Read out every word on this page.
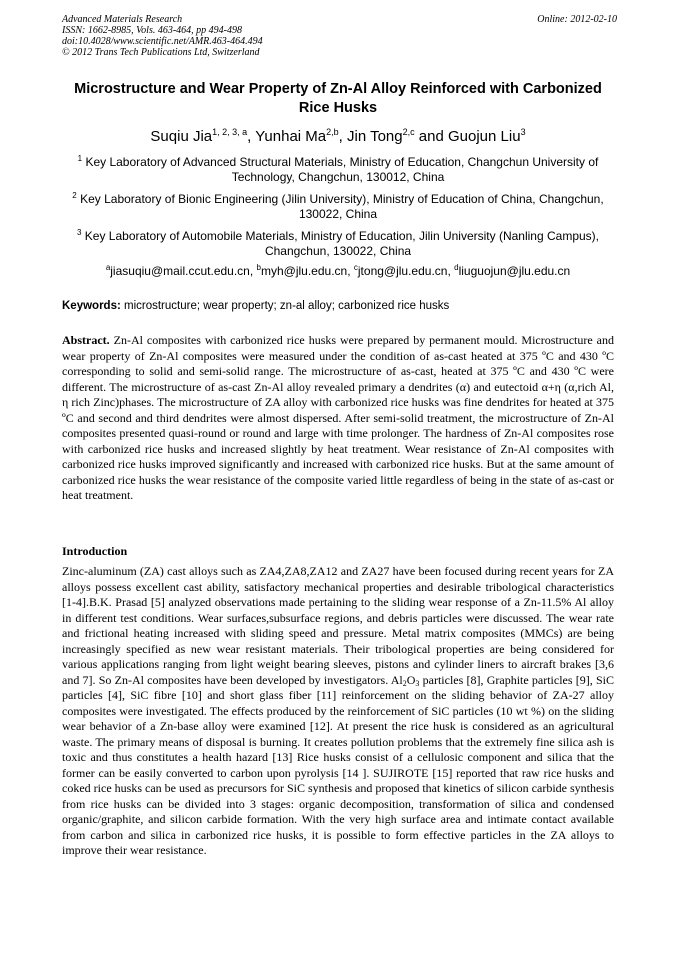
Advanced Materials Research
ISSN: 1662-8985, Vols. 463-464, pp 494-498
doi:10.4028/www.scientific.net/AMR.463-464.494
© 2012 Trans Tech Publications Ltd, Switzerland
Online: 2012-02-10
Microstructure and Wear Property of Zn-Al Alloy Reinforced with Carbonized Rice Husks
Suqiu Jia$^{1, 2, 3, a}$, Yunhai Ma$^{2,b}$, Jin Tong$^{2,c}$ and Guojun Liu$^3$
$^1$ Key Laboratory of Advanced Structural Materials, Ministry of Education, Changchun University of Technology, Changchun, 130012, China
$^2$ Key Laboratory of Bionic Engineering (Jilin University), Ministry of Education of China, Changchun, 130022, China
$^3$ Key Laboratory of Automobile Materials, Ministry of Education, Jilin University (Nanling Campus), Changchun, 130022, China
$^a$jiasuqiu@mail.ccut.edu.cn, $^b$myh@jlu.edu.cn, $^c$jtong@jlu.edu.cn, $^d$liuguojun@jlu.edu.cn
Keywords: microstructure; wear property; zn-al alloy; carbonized rice husks
Abstract. Zn-Al composites with carbonized rice husks were prepared by permanent mould. Microstructure and wear property of Zn-Al composites were measured under the condition of as-cast heated at 375 ºC and 430 ºC corresponding to solid and semi-solid range. The microstructure of as-cast, heated at 375 ºC and 430 ºC were different. The microstructure of as-cast Zn-Al alloy revealed primary a dendrites (α) and eutectoid α+η (α,rich Al, η rich Zinc)phases. The microstructure of ZA alloy with carbonized rice husks was fine dendrites for heated at 375 ºC and second and third dendrites were almost dispersed. After semi-solid treatment, the microstructure of Zn-Al composites presented quasi-round or round and large with time prolonger. The hardness of Zn-Al composites rose with carbonized rice husks and increased slightly by heat treatment. Wear resistance of Zn-Al composites with carbonized rice husks improved significantly and increased with carbonized rice husks. But at the same amount of carbonized rice husks the wear resistance of the composite varied little regardless of being in the state of as-cast or heat treatment.
Introduction
Zinc-aluminum (ZA) cast alloys such as ZA4,ZA8,ZA12 and ZA27 have been focused during recent years for ZA alloys possess excellent cast ability, satisfactory mechanical properties and desirable tribological characteristics [1-4].B.K. Prasad [5] analyzed observations made pertaining to the sliding wear response of a Zn-11.5% Al alloy in different test conditions. Wear surfaces,subsurface regions, and debris particles were discussed. The wear rate and frictional heating increased with sliding speed and pressure. Metal matrix composites (MMCs) are being increasingly specified as new wear resistant materials. Their tribological properties are being considered for various applications ranging from light weight bearing sleeves, pistons and cylinder liners to aircraft brakes [3,6 and 7]. So Zn-Al composites have been developed by investigators. $Al_2O_3$ particles [8], Graphite particles [9], SiC particles [4], SiC fibre [10] and short glass fiber [11] reinforcement on the sliding behavior of ZA-27 alloy composites were investigated. The effects produced by the reinforcement of SiC particles (10 wt %) on the sliding wear behavior of a Zn-base alloy were examined [12]. At present the rice husk is considered as an agricultural waste. The primary means of disposal is burning. It creates pollution problems that the extremely fine silica ash is toxic and thus constitutes a health hazard [13] Rice husks consist of a cellulosic component and silica that the former can be easily converted to carbon upon pyrolysis [14 ]. SUJIROTE [15] reported that raw rice husks and coked rice husks can be used as precursors for SiC synthesis and proposed that kinetics of silicon carbide synthesis from rice husks can be divided into 3 stages: organic decomposition, transformation of silica and condensed organic/graphite, and silicon carbide formation. With the very high surface area and intimate contact available from carbon and silica in carbonized rice husks, it is possible to form effective particles in the ZA alloys to improve their wear resistance.
